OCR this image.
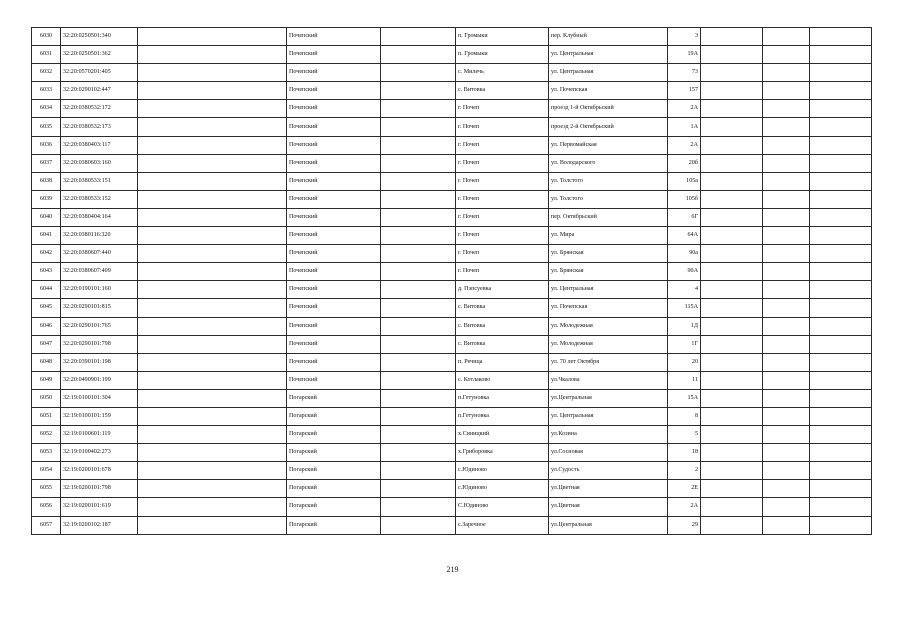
6030	32:20:0250501:340		Почепский		п. Громыки	пер. Клубный	3			
6031	32:20:0250501:362		Почепский		п. Громыки	ул. Центральная	19А			
6032	32:20:0570201:405		Почепский		с. Милечь	ул. Центральная	73			
6033	32:20:0290102:447		Почепский		с. Витовка	ул. Почепская	157			
6034	32:20:0380532:172		Почепский		г. Почеп	проезд 1-й Октябрьский	2А			
6035	32:20:0380532:173		Почепский		г. Почеп	проезд 2-й Октябрьский	1А			
6036	32:20:0380403:117		Почепский		г. Почеп	ул. Первомайская	2А			
6037	32:20:0380603:160		Почепский		г. Почеп	ул. Володарского	20б			
6038	32:20:0380533:151		Почепский		г. Почеп	ул. Толстого	105а			
6039	32:20:0380533:152		Почепский		г. Почеп	ул. Толстого	105б			
6040	32:20:0380404:164		Почепский		г. Почеп	пер. Октябрьский	6Г			
6041	32:20:0380116:320		Почепский		г. Почеп	ул. Мира	64А			
6042	32:20:0380607:440		Почепский		г. Почеп	ул. Брянская	90а			
6043	32:20:0380607:409		Почепский		г. Почеп	ул. Брянская	90А			
6044	32:20:0190101:160		Почепский		д. Пэпсуевка	ул. Центральная	4			
6045	32:20:0290101:815		Почепский		с. Витовка	ул. Почепская	115А			
6046	32:20:0290101:765		Почепский		с. Витовка	ул. Молодежная	1Д			
6047	32:20:0290101:798		Почепский		с. Витовка	ул. Молодежная	1Г			
6048	32:20:0390101:198		Почепский		п. Речица	ул. 70 лет Октября	20			
6049	32:20:0490901:199		Почепский		с. Котлаково	ул.Чкалова	11			
6050	32:19:0100101:304		Погарский		п.Гетуновка	ул.Центральная	15А			
6051	32:19:0100101:159		Погарский		п.Гетуновка	ул. Центральная	8			
6052	32:19:0100601:119		Погарский		х.Синицкий	ул.Козина	5			
6053	32:19:0100402:273		Погарский		х.Гриборовка	ул.Сосновая	18			
6054	32:19:0200101:678		Погарский		с.Юдиново	ул.Судость	2			
6055	32:19:0200101:798		Погарский		с.Юдиново	ул.Цветная	2Е			
6056	32:19:0200101:619		Погарский		С.Юдиново	ул.Цветная	2А			
6057	32:19:0200102:187		Погарский		с.Заречное	ул.Центральная	29			
219
